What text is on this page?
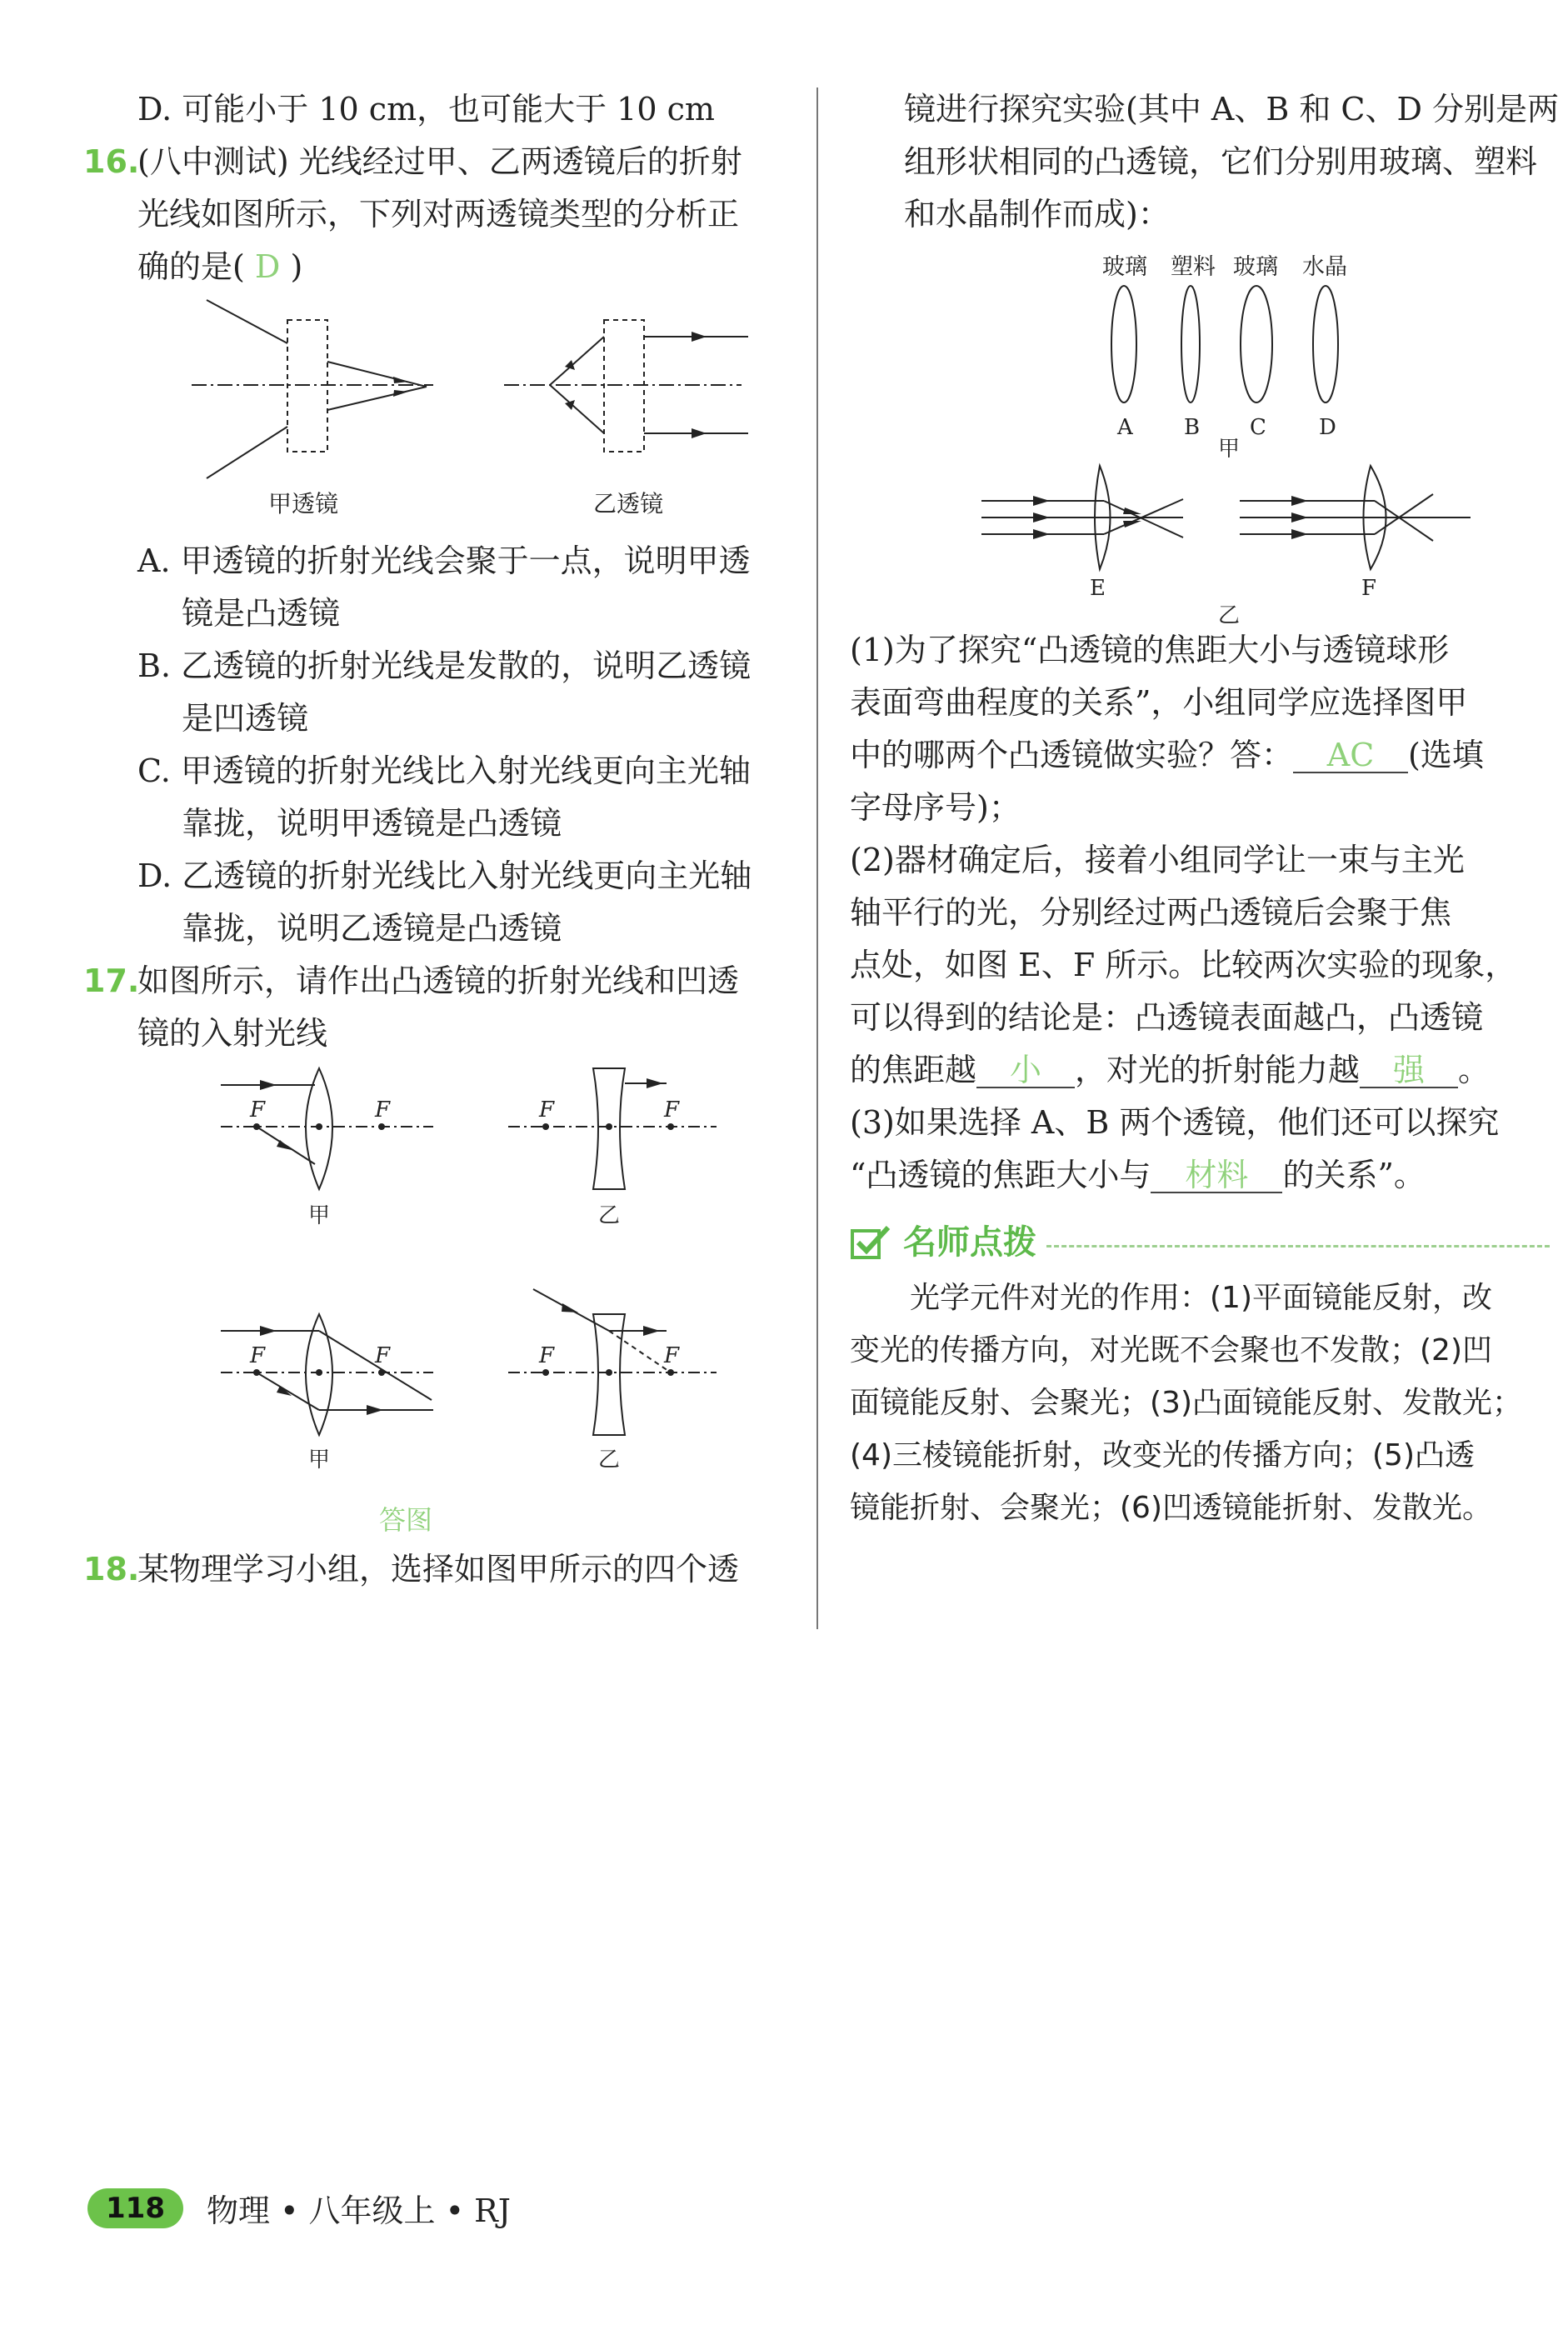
D. 可能小于 10 cm，也可能大于 10 cm
16.(八中测试) 光线经过甲、乙两透镜后的折射
光线如图所示，下列对两透镜类型的分析正
确的是( D )
甲透镜	乙透镜
A. 甲透镜的折射光线会聚于一点，说明甲透
镜是凸透镜
B. 乙透镜的折射光线是发散的，说明乙透镜
是凹透镜
C. 甲透镜的折射光线比入射光线更向主光轴
靠拢，说明甲透镜是凸透镜
D. 乙透镜的折射光线比入射光线更向主光轴
靠拢，说明乙透镜是凸透镜
17.如图所示，请作出凸透镜的折射光线和凹透
镜的入射光线
F	F	F	F
F	F	F	F
甲	乙
甲	乙
答图
18.某物理学习小组，选择如图甲所示的四个透
镜进行探究实验(其中 A、B 和 C、D 分别是两
组形状相同的凸透镜，它们分别用玻璃、塑料
和水晶制作而成)：
玻璃 塑料 玻璃 水晶
A B C D
甲
E	F
乙
(1)为了探究“凸透镜的焦距大小与透镜球形
表面弯曲程度的关系”，小组同学应选择图甲
中的哪两个凸透镜做实验？答： AC (选填
字母序号)；
(2)器材确定后，接着小组同学让一束与主光
轴平行的光，分别经过两凸透镜后会聚于焦
点处，如图 E、F 所示。比较两次实验的现象，
可以得到的结论是：凸透镜表面越凸，凸透镜
的焦距越 小 ，对光的折射能力越 强 。
(3)如果选择 A、B 两个透镜，他们还可以探究
“凸透镜的焦距大小与 材料 的关系”。
名师点拨
光学元件对光的作用：(1)平面镜能反射，改
变光的传播方向，对光既不会聚也不发散；(2)凹
面镜能反射、会聚光；(3)凸面镜能反射、发散光；
(4)三棱镜能折射，改变光的传播方向；(5)凸透
镜能折射、会聚光；(6)凹透镜能折射、发散光。
118	物理 • 八年级上 • RJ
